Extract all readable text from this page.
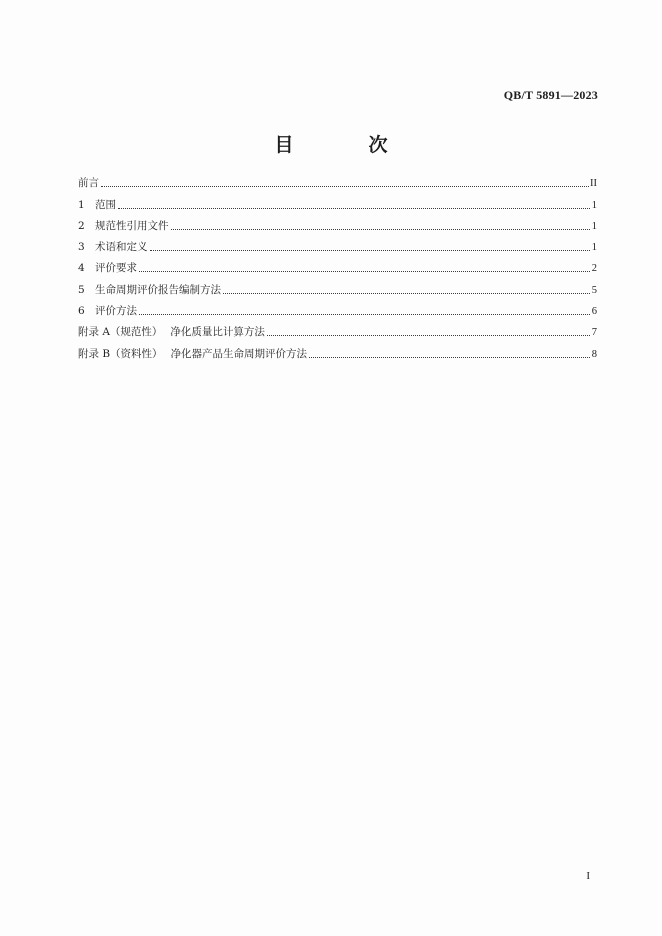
QB/T 5891—2023
目　次
前言	II
1 范围	1
2 规范性引用文件	1
3 术语和定义	1
4 评价要求	2
5 生命周期评价报告编制方法	5
6 评价方法	6
附录 A（规范性） 净化质量比计算方法	7
附录 B（资料性） 净化器产品生命周期评价方法	8
I
